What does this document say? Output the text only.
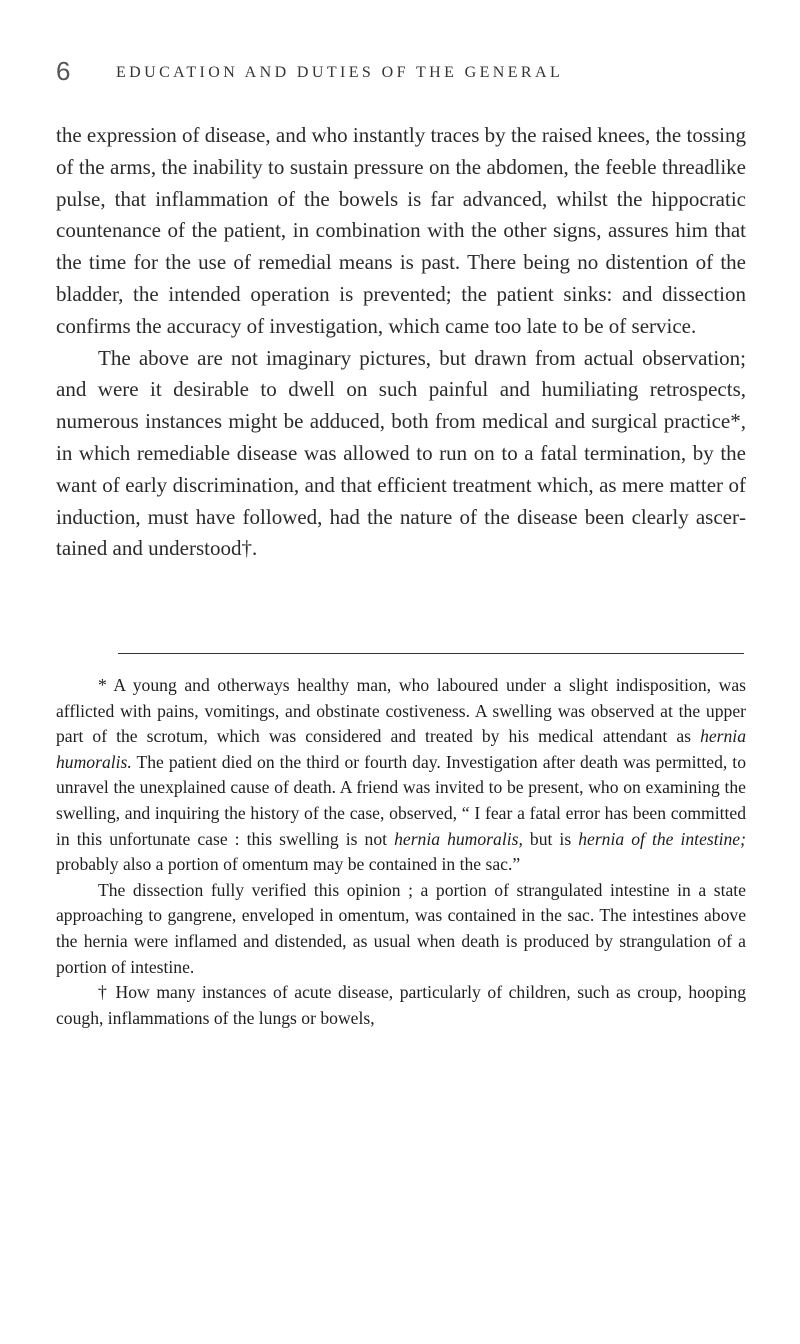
6	EDUCATION AND DUTIES OF THE GENERAL

the expression of disease, and who instantly traces by the raised knees, the tossing of the arms, the inability to sustain pressure on the abdomen, the feeble threadlike pulse, that inflammation of the bowels is far advanced, whilst the hippocratic countenance of the patient, in combination with the other signs, assures him that the time for the use of remedial means is past. There being no distention of the bladder, the intended operation is prevented; the patient sinks: and dissection confirms the accuracy of investigation, which came too late to be of service.

The above are not imaginary pictures, but drawn from actual observation; and were it desirable to dwell on such painful and humiliating retrospects, numerous instances might be adduced, both from medical and surgical practice*, in which remediable disease was allowed to run on to a fatal termination, by the want of early discrimination, and that efficient treatment which, as mere matter of induction, must have followed, had the nature of the disease been clearly ascertained and understood†.

* A young and otherways healthy man, who laboured under a slight indisposition, was afflicted with pains, vomitings, and obstinate costiveness. A swelling was observed at the upper part of the scrotum, which was considered and treated by his medical attendant as hernia humoralis. The patient died on the third or fourth day. Investigation after death was permitted, to unravel the unexplained cause of death. A friend was invited to be present, who on examining the swelling, and inquiring the history of the case, observed, “ I fear a fatal error has been committed in this unfortunate case : this swelling is not hernia humoralis, but is hernia of the intestine; probably also a portion of omentum may be contained in the sac.”

The dissection fully verified this opinion ; a portion of strangulated intestine in a state approaching to gangrene, enveloped in omentum, was contained in the sac. The intestines above the hernia were inflamed and distended, as usual when death is produced by strangulation of a portion of intestine.

† How many instances of acute disease, particularly of children, such as croup, hooping cough, inflammations of the lungs or bowels,
